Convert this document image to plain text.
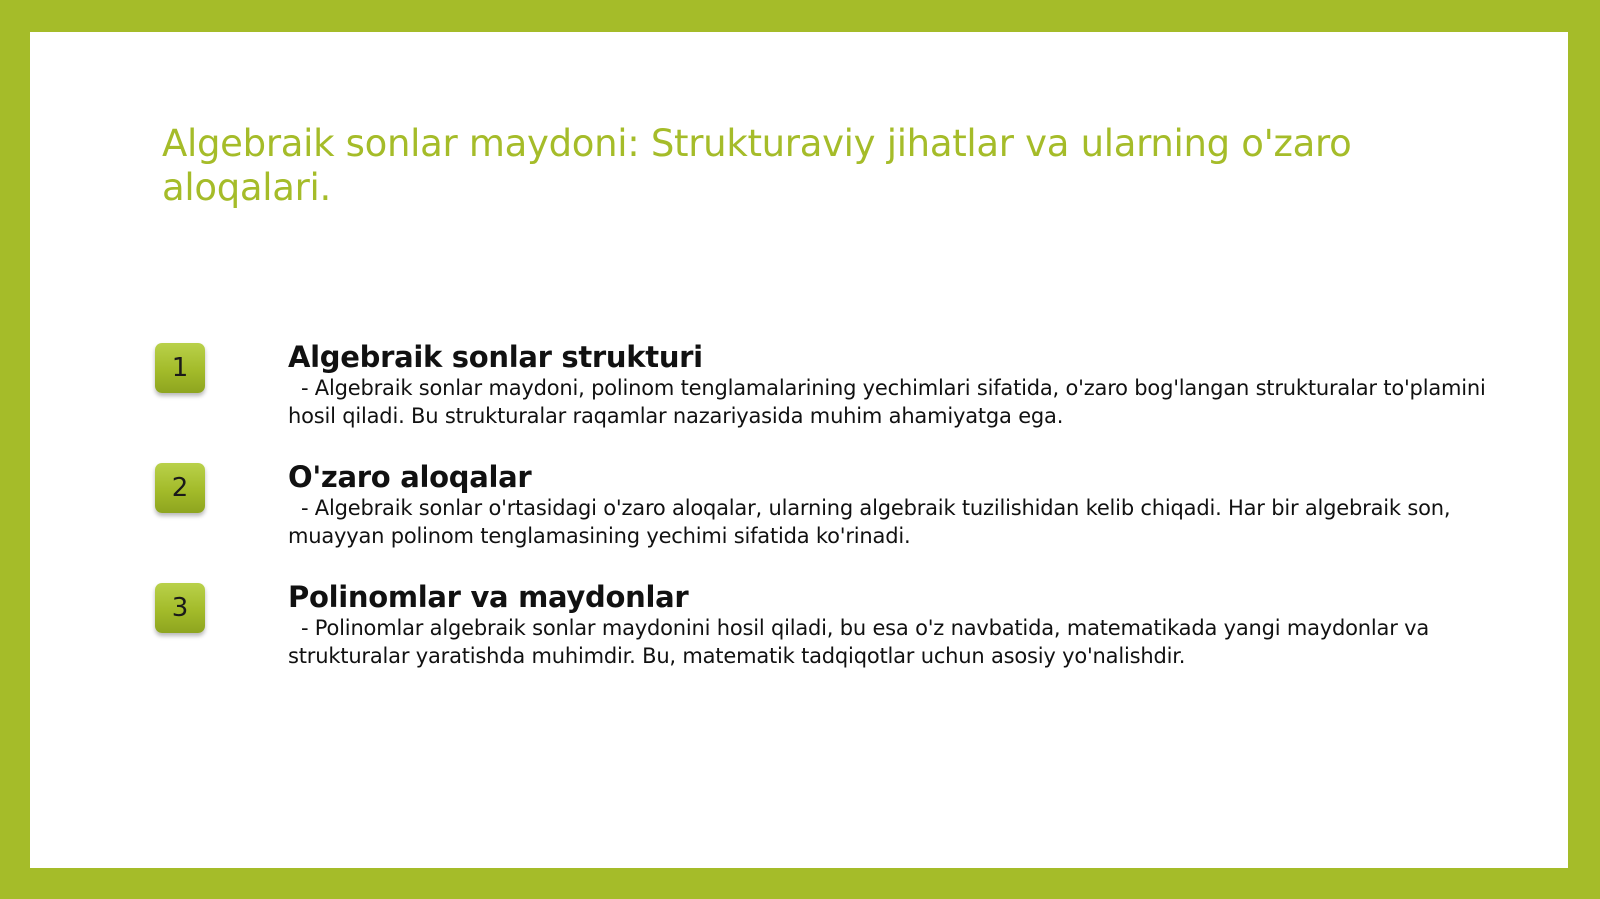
Algebraik sonlar maydoni: Strukturaviy jihatlar va ularning o'zaro aloqalari.
1	Algebraik sonlar strukturi
- Algebraik sonlar maydoni, polinom tenglamalarining yechimlari sifatida, o'zaro bog'langan strukturalar to'plamini hosil qiladi. Bu strukturalar raqamlar nazariyasida muhim ahamiyatga ega.
2	O'zaro aloqalar
- Algebraik sonlar o'rtasidagi o'zaro aloqalar, ularning algebraik tuzilishidan kelib chiqadi. Har bir algebraik son, muayyan polinom tenglamasining yechimi sifatida ko'rinadi.
3	Polinomlar va maydonlar
- Polinomlar algebraik sonlar maydonini hosil qiladi, bu esa o'z navbatida, matematikada yangi maydonlar va strukturalar yaratishda muhimdir. Bu, matematik tadqiqotlar uchun asosiy yo'nalishdir.
